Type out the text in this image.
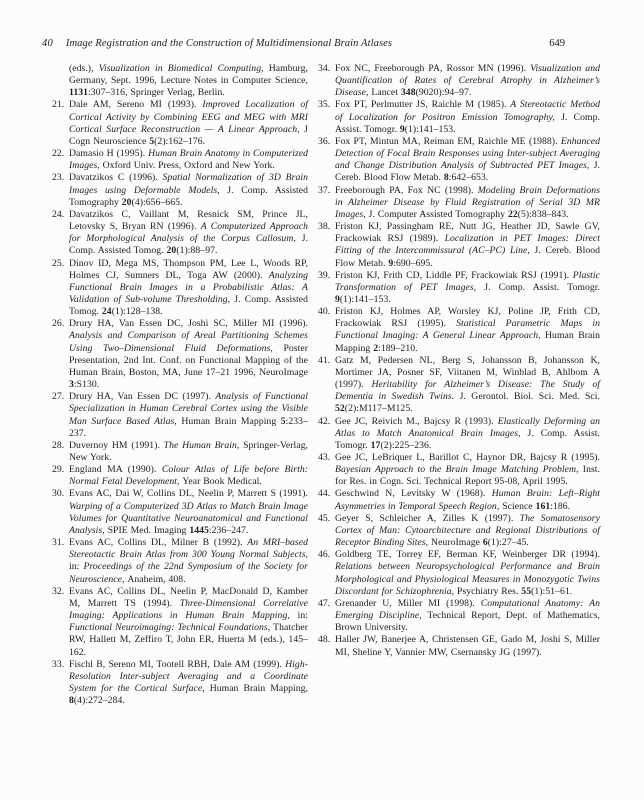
40 Image Registration and the Construction of Multidimensional Brain Atlases	649

(eds.), Visualization in Biomedical Computing, Hamburg, Germany, Sept. 1996, Lecture Notes in Computer Science, 1131:307–316, Springer Verlag, Berlin.

21. Dale AM, Sereno MI (1993). Improved Localization of Cortical Activity by Combining EEG and MEG with MRI Cortical Surface Reconstruction — A Linear Approach, J Cogn Neuroscience 5(2):162–176.

22. Damasio H (1995). Human Brain Anatomy in Computerized Images, Oxford Univ. Press, Oxford and New York.

23. Davatzikos C (1996). Spatial Normalization of 3D Brain Images using Deformable Models, J. Comp. Assisted Tomography 20(4):656–665.

24. Davatzikos C, Vaillant M, Resnick SM, Prince JL, Letovsky S, Bryan RN (1996). A Computerized Approach for Morphological Analysis of the Corpus Callosum, J. Comp. Assisted Tomog. 20(1):88–97.

25. Dinov ID, Mega MS, Thompson PM, Lee L, Woods RP, Holmes CJ, Sumners DL, Toga AW (2000). Analyzing Functional Brain Images in a Probabilistic Atlas: A Validation of Sub-volume Thresholding, J. Comp. Assisted Tomog. 24(1):128–138.

26. Drury HA, Van Essen DC, Joshi SC, Miller MI (1996). Analysis and Comparison of Areal Partitioning Schemes Using Two–Dimensional Fluid Deformations, Poster Presentation, 2nd Int. Conf. on Functional Mapping of the Human Brain, Boston, MA, June 17–21 1996, NeuroImage 3:S130.

27. Drury HA, Van Essen DC (1997). Analysis of Functional Specialization in Human Cerebral Cortex using the Visible Man Surface Based Atlas, Human Brain Mapping 5:233–237.

28. Duvernoy HM (1991). The Human Brain, Springer-Verlag, New York.

29. England MA (1990). Colour Atlas of Life before Birth: Normal Fetal Development, Year Book Medical.

30. Evans AC, Dai W, Collins DL, Neelin P, Marrett S (1991). Warping of a Computerized 3D Atlas to Match Brain Image Volumes for Quantitative Neuroanatomical and Functional Analysis, SPIE Med. Imaging 1445:236–247.

31. Evans AC, Collins DL, Milner B (1992). An MRI–based Stereotactic Brain Atlas from 300 Young Normal Subjects, in: Proceedings of the 22nd Symposium of the Society for Neuroscience, Anaheim, 408.

32. Evans AC, Collins DL, Neelin P, MacDonald D, Kamber M, Marrett TS (1994). Three-Dimensional Correlative Imaging: Applications in Human Brain Mapping, in: Functional Neuroimaging: Technical Foundations, Thatcher RW, Hallett M, Zeffiro T, John ER, Huerta M (eds.), 145–162.

33. Fischl B, Sereno MI, Tootell RBH, Dale AM (1999). High-Resolution Inter-subject Averaging and a Coordinate System for the Cortical Surface, Human Brain Mapping, 8(4):272–284.

34. Fox NC, Freeborough PA, Rossor MN (1996). Visualization and Quantification of Rates of Cerebral Atrophy in Alzheimer’s Disease, Lancet 348(9020):94–97.

35. Fox PT, Perlmutter JS, Raichle M (1985). A Stereotactic Method of Localization for Positron Emission Tomography, J. Comp. Assist. Tomogr. 9(1):141–153.

36. Fox PT, Mintun MA, Reiman EM, Raichle ME (1988). Enhanced Detection of Focal Brain Responses using Inter-subject Averaging and Change Distribution Analysis of Subtracted PET Images, J. Cereb. Blood Flow Metab. 8:642–653.

37. Freeborough PA, Fox NC (1998). Modeling Brain Deformations in Alzheimer Disease by Fluid Registration of Serial 3D MR Images, J. Computer Assisted Tomography 22(5):838–843.

38. Friston KJ, Passingham RE, Nutt JG, Heather JD, Sawle GV, Frackowiak RSJ (1989). Localization in PET Images: Direct Fitting of the Intercommissural (AC–PC) Line, J. Cereb. Blood Flow Metab. 9:690–695.

39. Friston KJ, Frith CD, Liddle PF, Frackowiak RSJ (1991). Plastic Transformation of PET Images, J. Comp. Assist. Tomogr. 9(1):141–153.

40. Friston KJ, Holmes AP, Worsley KJ, Poline JP, Frith CD, Frackowiak RSJ (1995). Statistical Parametric Maps in Functional Imaging: A General Linear Approach, Human Brain Mapping 2:189–210.

41. Gatz M, Pedersen NL, Berg S, Johansson B, Johansson K, Mortimer JA, Posner SF, Viitanen M, Winblad B, Ahlbom A (1997). Heritability for Alzheimer’s Disease: The Study of Dementia in Swedish Twins. J. Gerontol. Biol. Sci. Med. Sci. 52(2):M117–M125.

42. Gee JC, Reivich M., Bajcsy R (1993). Elastically Deforming an Atlas to Match Anatomical Brain Images, J. Comp. Assist. Tomogr. 17(2):225–236.

43. Gee JC, LeBriquer L, Barillot C, Haynor DR, Bajcsy R (1995). Bayesian Approach to the Brain Image Matching Problem, Inst. for Res. in Cogn. Sci. Technical Report 95-08, April 1995.

44. Geschwind N, Levitsky W (1968). Human Brain: Left–Right Asymmetries in Temporal Speech Region, Science 161:186.

45. Geyer S, Schleicher A, Zilles K (1997). The Somatosensory Cortex of Man: Cytoarchitecture and Regional Distributions of Receptor Binding Sites, NeuroImage 6(1):27–45.

46. Goldberg TE, Torrey EF, Berman KF, Weinberger DR (1994). Relations between Neuropsychological Performance and Brain Morphological and Physiological Measures in Monozygotic Twins Discordant for Schizophrenia, Psychiatry Res. 55(1):51–61.

47. Grenander U, Miller MI (1998). Computational Anatomy: An Emerging Discipline, Technical Report, Dept. of Mathematics, Brown University.

48. Haller JW, Banerjee A, Christensen GE, Gado M, Joshi S, Miller MI, Sheline Y, Vannier MW, Csernansky JG (1997).
